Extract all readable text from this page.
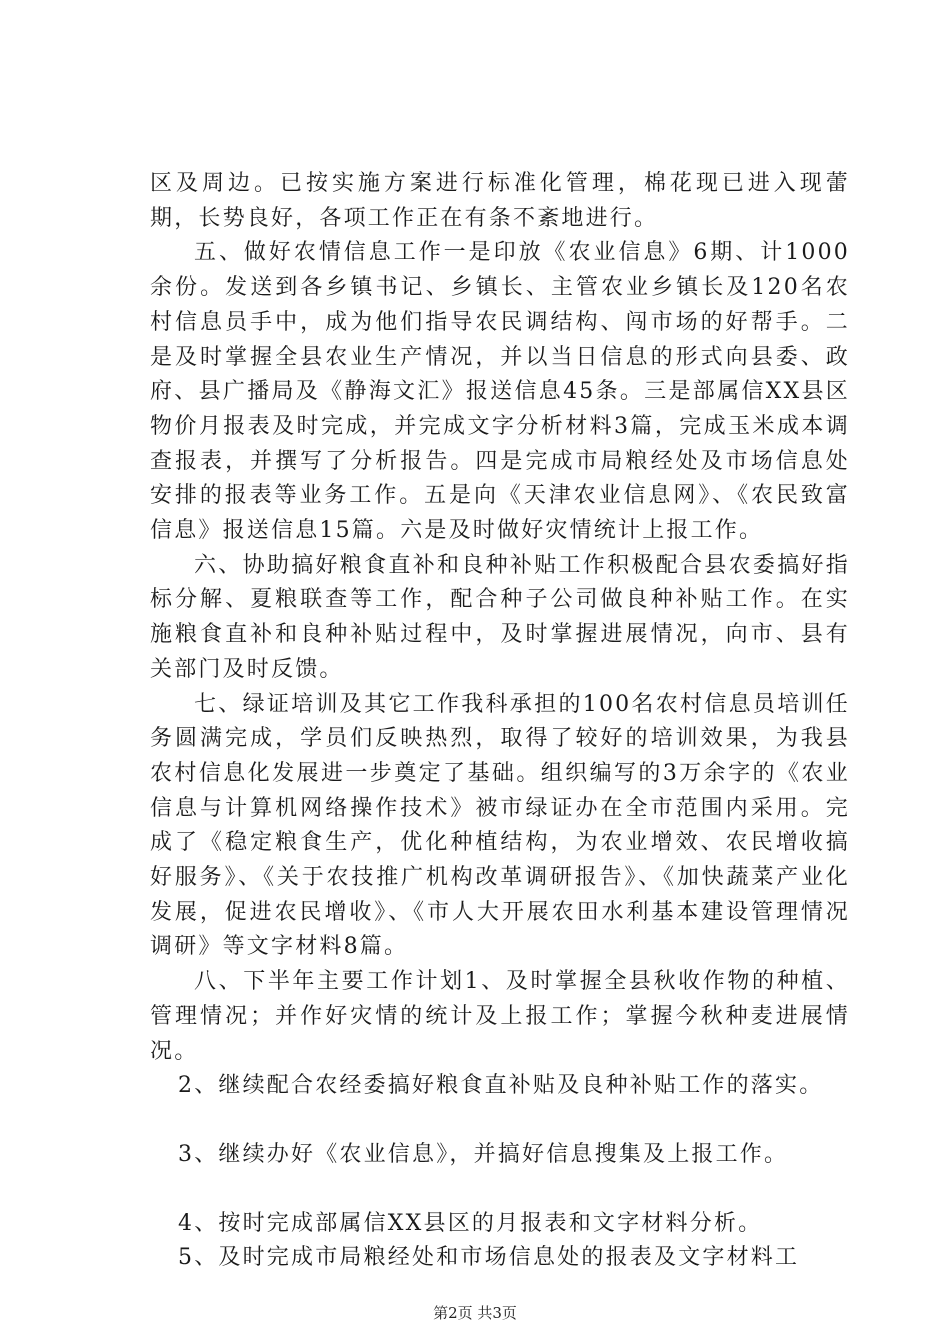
区及周边。已按实施方案进行标准化管理，棉花现已进入现蕾期，长势良好，各项工作正在有条不紊地进行。

五、做好农情信息工作一是印放《农业信息》6期、计1000余份。发送到各乡镇书记、乡镇长、主管农业乡镇长及120名农村信息员手中，成为他们指导农民调结构、闯市场的好帮手。二是及时掌握全县农业生产情况，并以当日信息的形式向县委、政府、县广播局及《静海文汇》报送信息45条。三是部属信XX县区物价月报表及时完成，并完成文字分析材料3篇，完成玉米成本调查报表，并撰写了分析报告。四是完成市局粮经处及市场信息处安排的报表等业务工作。五是向《天津农业信息网》、《农民致富信息》报送信息15篇。六是及时做好灾情统计上报工作。

六、协助搞好粮食直补和良种补贴工作积极配合县农委搞好指标分解、夏粮联查等工作，配合种子公司做良种补贴工作。在实施粮食直补和良种补贴过程中，及时掌握进展情况，向市、县有关部门及时反馈。

七、绿证培训及其它工作我科承担的100名农村信息员培训任务圆满完成，学员们反映热烈，取得了较好的培训效果，为我县农村信息化发展进一步奠定了基础。组织编写的3万余字的《农业信息与计算机网络操作技术》被市绿证办在全市范围内采用。完成了《稳定粮食生产，优化种植结构，为农业增效、农民增收搞好服务》、《关于农技推广机构改革调研报告》、《加快蔬菜产业化发展，促进农民增收》、《市人大开展农田水利基本建设管理情况调研》等文字材料8篇。

八、下半年主要工作计划1、及时掌握全县秋收作物的种植、管理情况；并作好灾情的统计及上报工作；掌握今秋种麦进展情况。

2、继续配合农经委搞好粮食直补贴及良种补贴工作的落实。

3、继续办好《农业信息》，并搞好信息搜集及上报工作。

4、按时完成部属信XX县区的月报表和文字材料分析。

5、及时完成市局粮经处和市场信息处的报表及文字材料工

第2页 共3页
